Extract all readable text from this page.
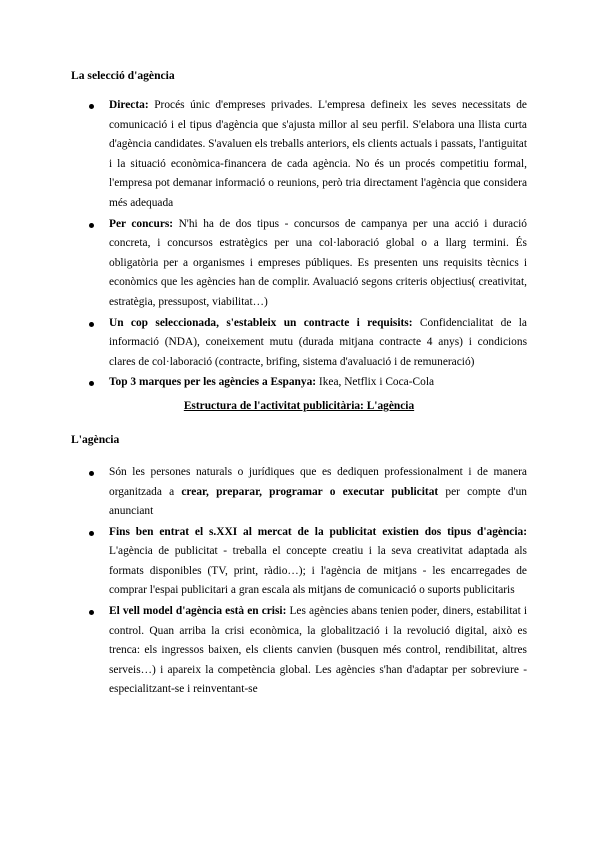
La selecció d'agència
Directa: Procés únic d'empreses privades. L'empresa defineix les seves necessitats de comunicació i el tipus d'agència que s'ajusta millor al seu perfil. S'elabora una llista curta d'agència candidates. S'avaluen els treballs anteriors, els clients actuals i passats, l'antiguitat i la situació econòmica-financera de cada agència. No és un procés competitiu formal, l'empresa pot demanar informació o reunions, però tria directament l'agència que considera més adequada
Per concurs: N'hi ha de dos tipus - concursos de campanya per una acció i duració concreta, i concursos estratègics per una col·laboració global o a llarg termini. És obligatòria per a organismes i empreses públiques. Es presenten uns requisits tècnics i econòmics que les agències han de complir. Avaluació segons criteris objectius( creativitat, estratègia, pressupost, viabilitat…)
Un cop seleccionada, s'estableix un contracte i requisits: Confidencialitat de la informació (NDA), coneixement mutu (durada mitjana contracte 4 anys) i condicions clares de col·laboració (contracte, brifing, sistema d'avaluació i de remuneració)
Top 3 marques per les agències a Espanya: Ikea, Netflix i Coca-Cola

Estructura de l'activitat publicitària: L'agència

L'agència
Són les persones naturals o jurídiques que es dediquen professionalment i de manera organitzada a crear, preparar, programar o executar publicitat per compte d'un anunciant
Fins ben entrat el s.XXI al mercat de la publicitat existien dos tipus d'agència: L'agència de publicitat - treballa el concepte creatiu i la seva creativitat adaptada als formats disponibles (TV, print, ràdio…); i l'agència de mitjans - les encarregades de comprar l'espai publicitari a gran escala als mitjans de comunicació o suports publicitaris
El vell model d'agència està en crisi: Les agències abans tenien poder, diners, estabilitat i control. Quan arriba la crisi econòmica, la globalització i la revolució digital, això es trenca: els ingressos baixen, els clients canvien (busquen més control, rendibilitat, altres serveis…) i apareix la competència global. Les agències s'han d'adaptar per sobreviure - especialitzant-se i reinventant-se
